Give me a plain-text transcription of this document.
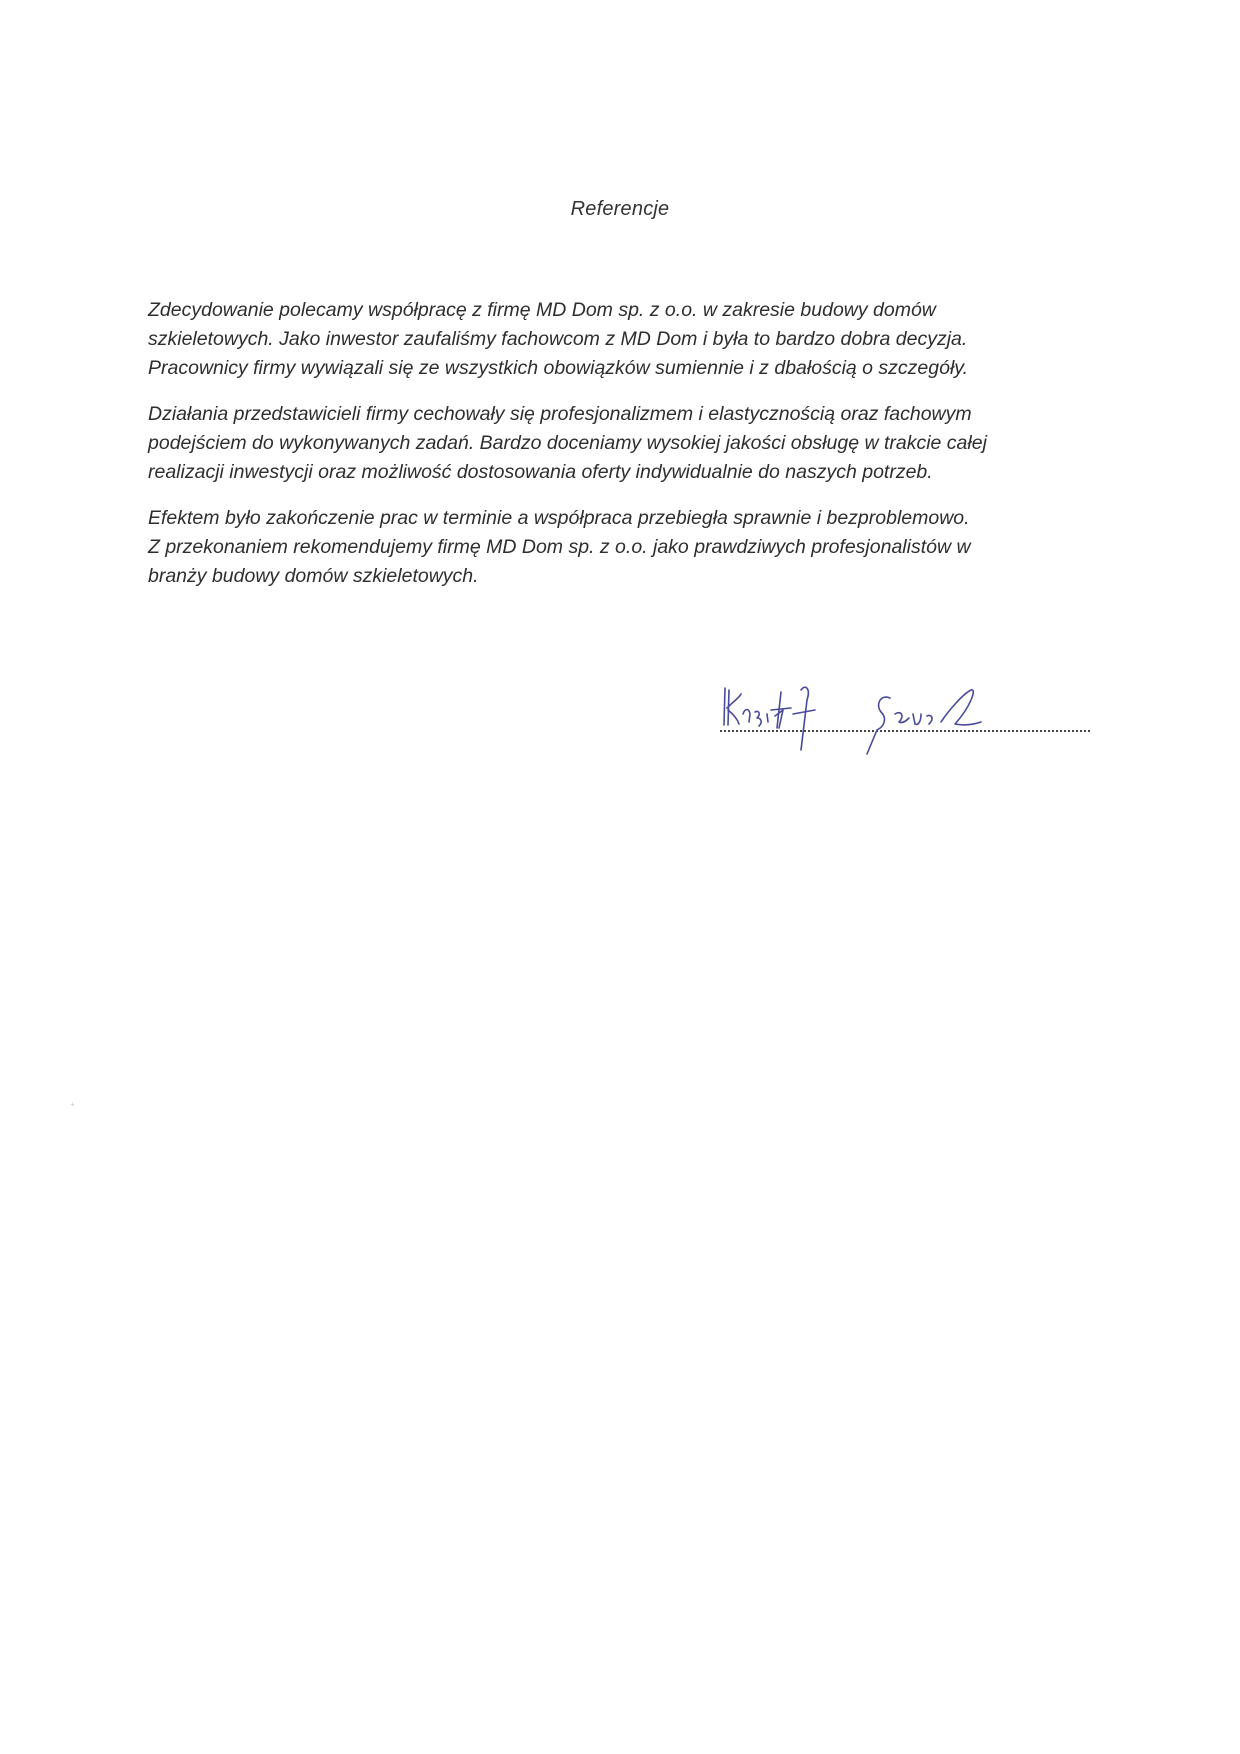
Referencje

Zdecydowanie polecamy współpracę z firmę MD Dom sp. z o.o. w zakresie budowy domów
szkieletowych. Jako inwestor zaufaliśmy fachowcom z MD Dom i była to bardzo dobra decyzja.
Pracownicy firmy wywiązali się ze wszystkich obowiązków sumiennie i z dbałością o szczegóły.

Działania przedstawicieli firmy cechowały się profesjonalizmem i elastycznością oraz fachowym
podejściem do wykonywanych zadań. Bardzo doceniamy wysokiej jakości obsługę w trakcie całej
realizacji inwestycji oraz możliwość dostosowania oferty indywidualnie do naszych potrzeb.

Efektem było zakończenie prac w terminie a współpraca przebiegła sprawnie i bezproblemowo.
Z przekonaniem rekomendujemy firmę MD Dom sp. z o.o. jako prawdziwych profesjonalistów w
branży budowy domów szkieletowych.

+
